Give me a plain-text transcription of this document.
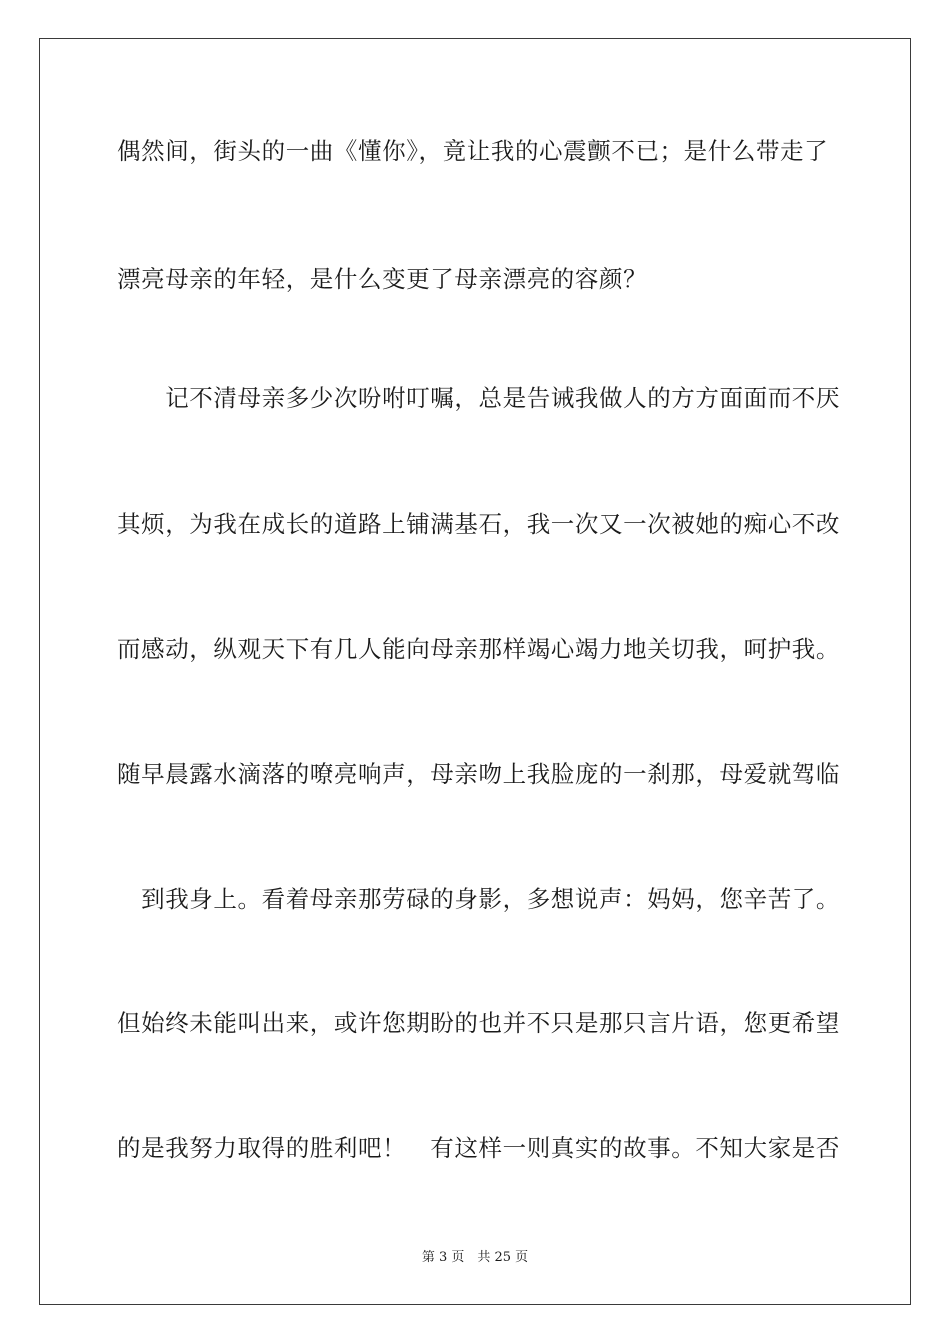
偶然间，街头的一曲《懂你》，竟让我的心震颤不已；是什么带走了
漂亮母亲的年轻，是什么变更了母亲漂亮的容颜？
　　记不清母亲多少次吩咐叮嘱，总是告诫我做人的方方面面而不厌
其烦，为我在成长的道路上铺满基石，我一次又一次被她的痴心不改
而感动，纵观天下有几人能向母亲那样竭心竭力地关切我，呵护我。
随早晨露水滴落的嘹亮响声，母亲吻上我脸庞的一刹那，母爱就驾临
　到我身上。看着母亲那劳碌的身影，多想说声：妈妈，您辛苦了。
但始终未能叫出来，或许您期盼的也并不只是那只言片语，您更希望
的是我努力取得的胜利吧！　有这样一则真实的故事。不知大家是否
第 3 页　共 25 页
